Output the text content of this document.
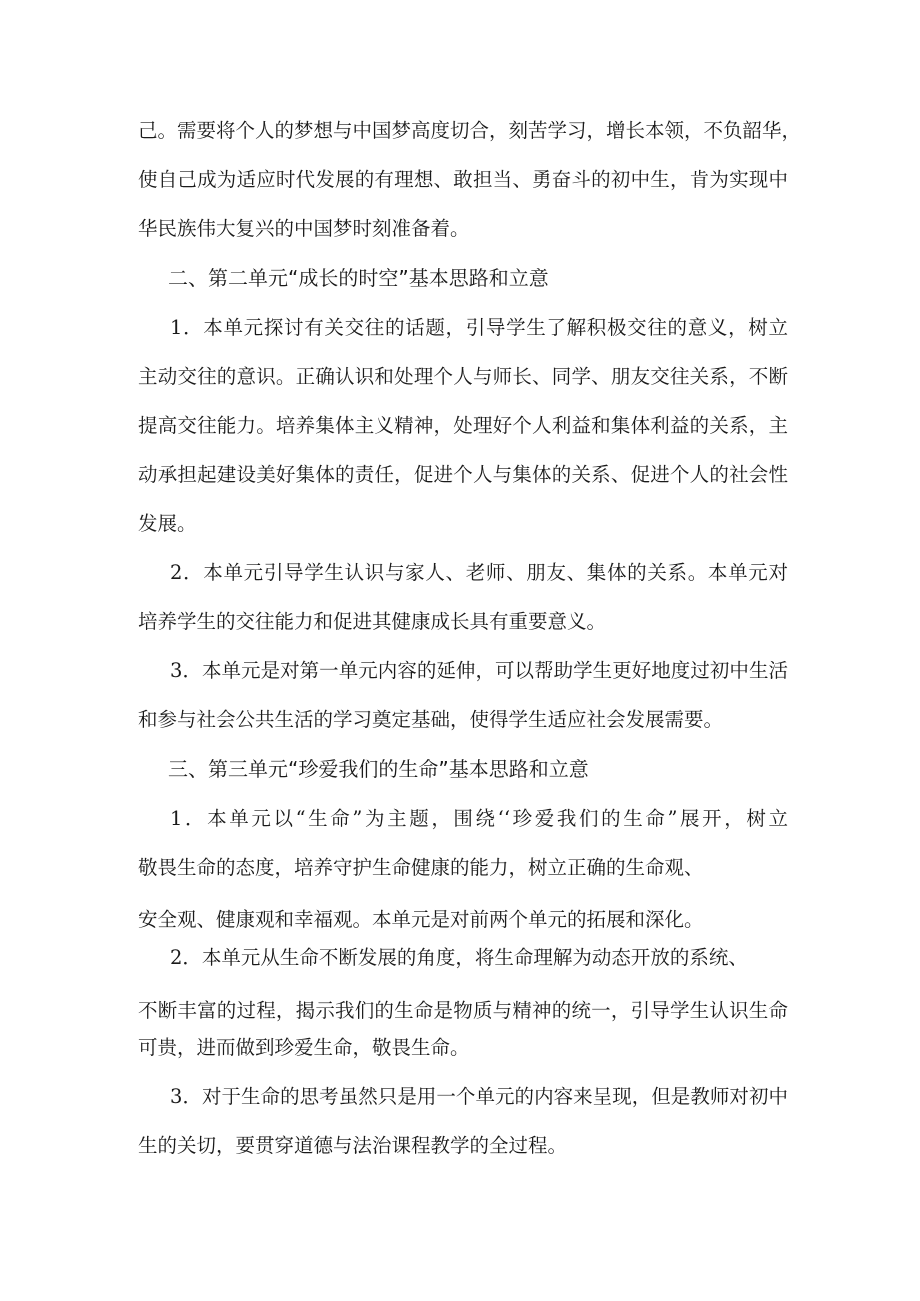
己。需要将个人的梦想与中国梦高度切合，刻苦学习，增长本领，不负韶华，
使自己成为适应时代发展的有理想、敢担当、勇奋斗的初中生，肯为实现中
华民族伟大复兴的中国梦时刻准备着。
二、第二单元“成长的时空”基本思路和立意
1．本单元探讨有关交往的话题，引导学生了解积极交往的意义，树立
主动交往的意识。正确认识和处理个人与师长、同学、朋友交往关系，不断
提高交往能力。培养集体主义精神，处理好个人利益和集体利益的关系，主
动承担起建设美好集体的责任，促进个人与集体的关系、促进个人的社会性
发展。
2．本单元引导学生认识与家人、老师、朋友、集体的关系。本单元对
培养学生的交往能力和促进其健康成长具有重要意义。
3．本单元是对第一单元内容的延伸，可以帮助学生更好地度过初中生活
和参与社会公共生活的学习奠定基础，使得学生适应社会发展需要。
三、第三单元“珍爱我们的生命”基本思路和立意
1．本单元以“生命”为主题，围绕‘‘珍爱我们的生命”展开，树立
敬畏生命的态度，培养守护生命健康的能力，树立正确的生命观、
安全观、健康观和幸福观。本单元是对前两个单元的拓展和深化。
2．本单元从生命不断发展的角度，将生命理解为动态开放的系统、
不断丰富的过程，揭示我们的生命是物质与精神的统一，引导学生认识生命
可贵，进而做到珍爱生命，敬畏生命。
3．对于生命的思考虽然只是用一个单元的内容来呈现，但是教师对初中
生的关切，要贯穿道德与法治课程教学的全过程。
